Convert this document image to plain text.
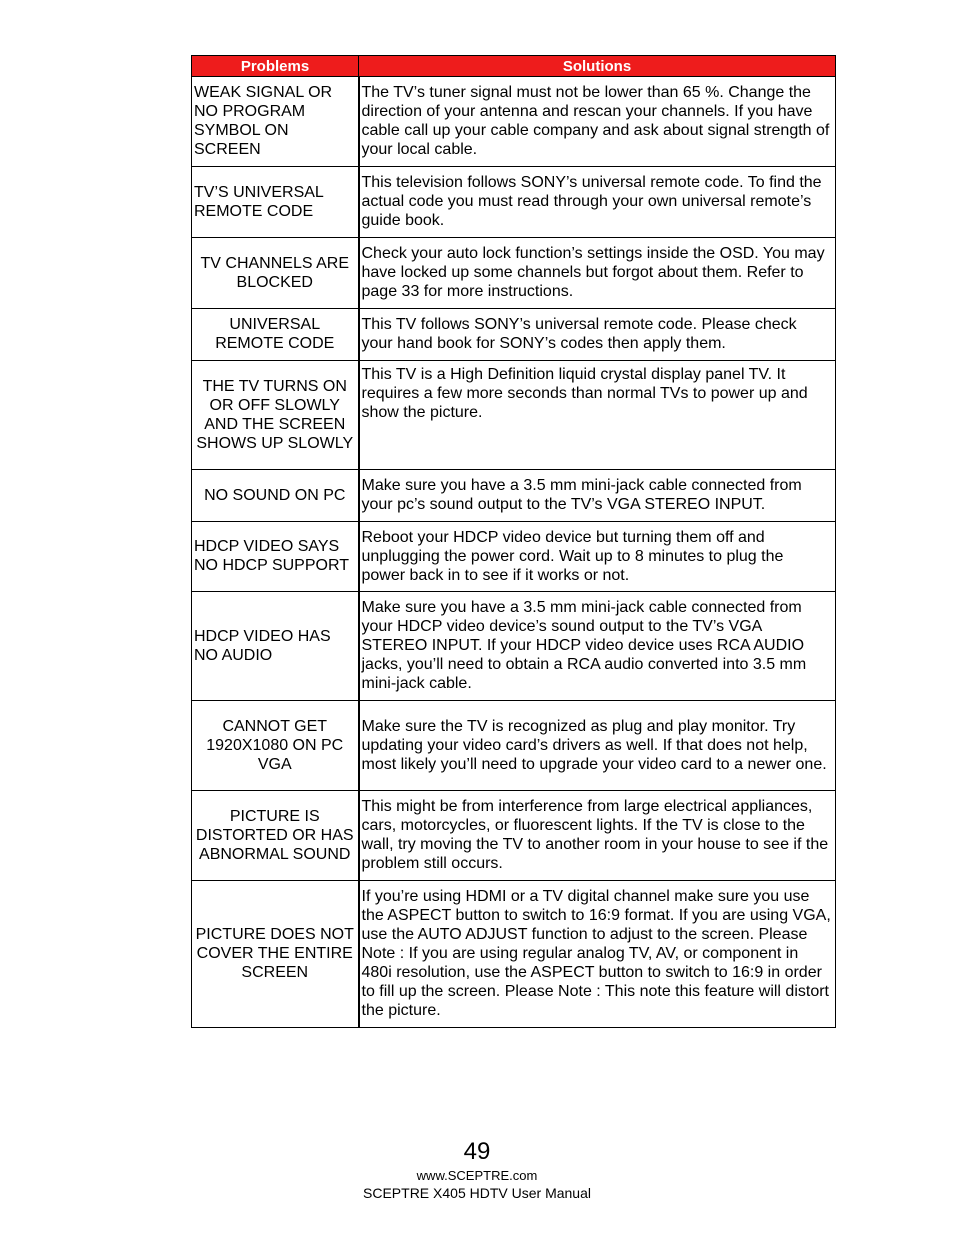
Problems	Solutions
WEAK SIGNAL OR NO PROGRAM SYMBOL ON SCREEN	The TV’s tuner signal must not be lower than 65 %. Change the direction of your antenna and rescan your channels. If you have cable call up your cable company and ask about signal strength of your local cable.
TV’S UNIVERSAL REMOTE CODE	This television follows SONY’s universal remote code. To find the actual code you must read through your own universal remote’s guide book.
TV CHANNELS ARE BLOCKED	Check your auto lock function’s settings inside the OSD. You may have locked up some channels but forgot about them. Refer to page 33 for more instructions.
UNIVERSAL REMOTE CODE	This TV follows SONY’s universal remote code. Please check your hand book for SONY’s codes then apply them.
THE TV TURNS ON OR OFF SLOWLY AND THE SCREEN SHOWS UP SLOWLY	This TV is a High Definition liquid crystal display panel TV. It requires a few more seconds than normal TVs to power up and show the picture.
NO SOUND ON PC	Make sure you have a 3.5 mm mini-jack cable connected from your pc’s sound output to the TV’s VGA STEREO INPUT.
HDCP VIDEO SAYS NO HDCP SUPPORT	Reboot your HDCP video device but turning them off and unplugging the power cord. Wait up to 8 minutes to plug the power back in to see if it works or not.
HDCP VIDEO HAS NO AUDIO	Make sure you have a 3.5 mm mini-jack cable connected from your HDCP video device’s sound output to the TV’s VGA STEREO INPUT. If your HDCP video device uses RCA AUDIO jacks, you’ll need to obtain a RCA audio converted into 3.5 mm mini-jack cable.
CANNOT GET 1920X1080 ON PC VGA	Make sure the TV is recognized as plug and play monitor. Try updating your video card’s drivers as well. If that does not help, most likely you’ll need to upgrade your video card to a newer one.
PICTURE IS DISTORTED OR HAS ABNORMAL SOUND	This might be from interference from large electrical appliances, cars, motorcycles, or fluorescent lights. If the TV is close to the wall, try moving the TV to another room in your house to see if the problem still occurs.
PICTURE DOES NOT COVER THE ENTIRE SCREEN	If you’re using HDMI or a TV digital channel make sure you use the ASPECT button to switch to 16:9 format. If you are using VGA, use the AUTO ADJUST function to adjust to the screen. Please Note : If you are using regular analog TV, AV, or component in 480i resolution, use the ASPECT button to switch to 16:9 in order to fill up the screen. Please Note : This note this feature will distort the picture.
49
www.SCEPTRE.com
SCEPTRE X405 HDTV User Manual
